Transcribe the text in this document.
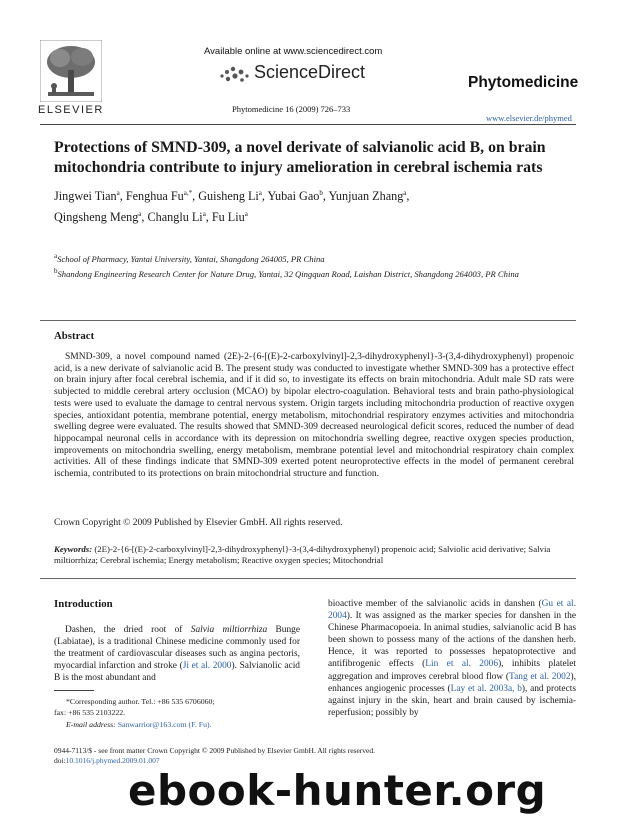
ELSEVIER
Available online at www.sciencedirect.com
ScienceDirect
Phytomedicine 16 (2009) 726–733
Phytomedicine
www.elsevier.de/phymed
Protections of SMND-309, a novel derivate of salvianolic acid B, on brain mitochondria contribute to injury amelioration in cerebral ischemia rats
Jingwei Tian$^a$, Fenghua $Fu^{a,*}$, Guisheng Li$^a$, Yubai Gao$^b$, Yunjuan Zhang$^a$,
Qingsheng Meng$^a$, Changlu Li$^a$, Fu Liu$^a$
$^a$School of Pharmacy, Yantai University, Yantai, Shangdong 264005, PR China
$^b$Shandong Engineering Research Center for Nature Drug, Yantai, 32 Qingquan Road, Laishan District, Shangdong 264003, PR China
Abstract
SMND-309, a novel compound named (2E)-2-{6-[(E)-2-carboxylvinyl]-2,3-dihydroxyphenyl}-3-(3,4-dihydroxyphenyl) propenoic acid, is a new derivate of salvianolic acid B. The present study was conducted to investigate whether SMND-309 has a protective effect on brain injury after focal cerebral ischemia, and if it did so, to investigate its effects on brain mitochondria. Adult male SD rats were subjected to middle cerebral artery occlusion (MCAO) by bipolar electro-coagulation. Behavioral tests and brain patho-physiological tests were used to evaluate the damage to central nervous system. Origin targets including mitochondria production of reactive oxygen species, antioxidant potentia, membrane potential, energy metabolism, mitochondrial respiratory enzymes activities and mitochondria swelling degree were evaluated. The results showed that SMND-309 decreased neurological deficit scores, reduced the number of dead hippocampal neuronal cells in accordance with its depression on mitochondria swelling degree, reactive oxygen species production, improvements on mitochondria swelling, energy metabolism, membrane potential level and mitochondrial respiratory chain complex activities. All of these findings indicate that SMND-309 exerted potent neuroprotective effects in the model of permanent cerebral ischemia, contributed to its protections on brain mitochondrial structure and function.
Crown Copyright © 2009 Published by Elsevier GmbH. All rights reserved.
Keywords: (2E)-2-{6-[(E)-2-carboxylvinyl]-2,3-dihydroxyphenyl}-3-(3,4-dihydroxyphenyl) propenoic acid; Salviolic acid derivative; Salvia miltiorrhiza; Cerebral ischemia; Energy metabolism; Reactive oxygen species; Mitochondrial
Introduction
Dashen, the dried root of Salvia miltiorrhiza Bunge (Labiatae), is a traditional Chinese medicine commonly used for the treatment of cardiovascular diseases such as angina pectoris, myocardial infarction and stroke (Ji et al. 2000). Salvianolic acid B is the most abundant and
bioactive member of the salvianolic acids in danshen (Gu et al. 2004). It was assigned as the marker species for danshen in the Chinese Pharmacopoeia. In animal studies, salvianolic acid B has been shown to possess many of the actions of the danshen herb. Hence, it was reported to possesses hepatoprotective and antifibrogenic effects (Lin et al. 2006), inhibits platelet aggregation and improves cerebral blood flow (Tang et al. 2002), enhances angiogenic processes (Lay et al. 2003a, b), and protects against injury in the skin, heart and brain caused by ischemia-reperfusion; possibly by
*Corresponding author. Tel.: +86 535 6706060;
fax: +86 535 2103222.
E-mail address: Sanwarrior@163.com (F. Fu).
0944-7113/$ - see front matter Crown Copyright © 2009 Published by Elsevier GmbH. All rights reserved.
doi:10.1016/j.phymed.2009.01.007
ebook-hunter.org
